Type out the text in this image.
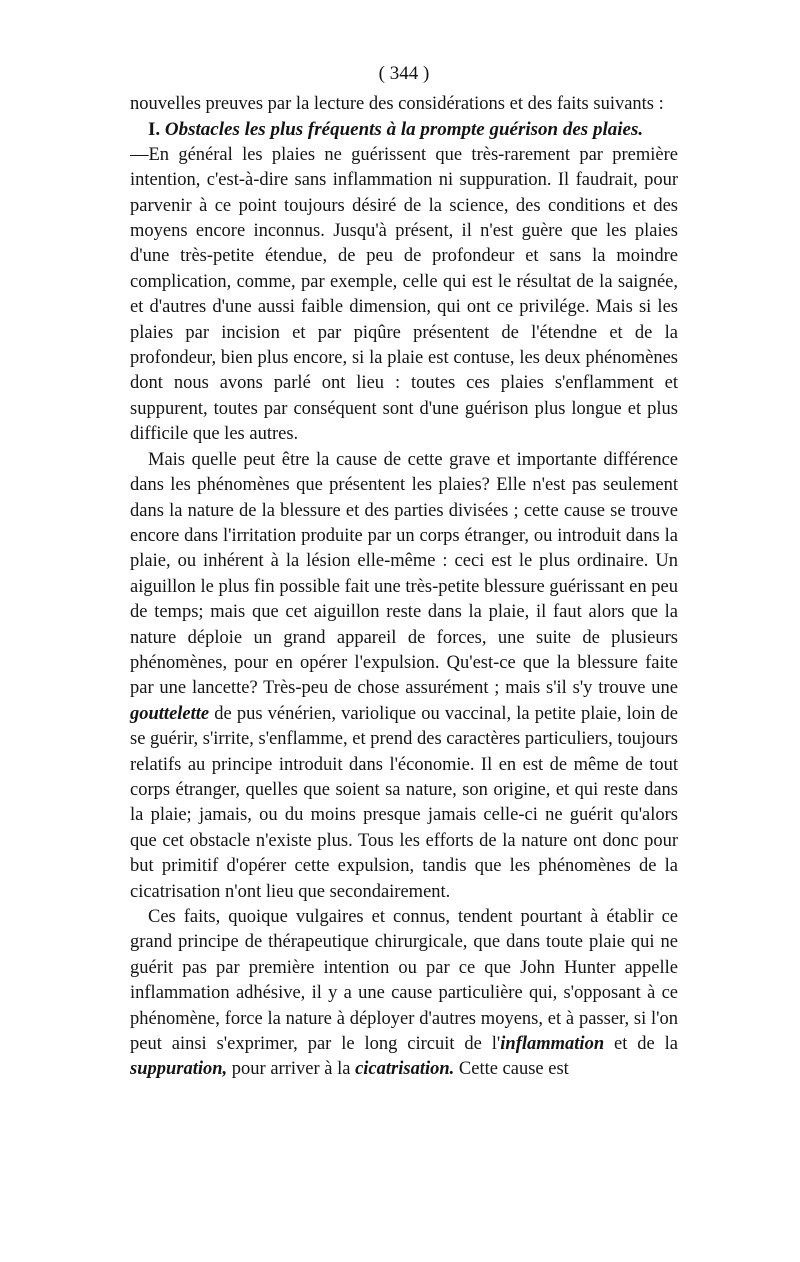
( 344 )

nouvelles preuves par la lecture des considérations et des faits suivants :

I. Obstacles les plus fréquents à la prompte guérison des plaies.

—En général les plaies ne guérissent que très-rarement par première intention, c'est-à-dire sans inflammation ni suppuration. Il faudrait, pour parvenir à ce point toujours désiré de la science, des conditions et des moyens encore inconnus. Jusqu'à présent, il n'est guère que les plaies d'une très-petite étendue, de peu de profondeur et sans la moindre complication, comme, par exemple, celle qui est le résultat de la saignée, et d'autres d'une aussi faible dimension, qui ont ce privilége. Mais si les plaies par incision et par piqûre présentent de l'étendne et de la profondeur, bien plus encore, si la plaie est contuse, les deux phénomènes dont nous avons parlé ont lieu : toutes ces plaies s'enflamment et suppurent, toutes par conséquent sont d'une guérison plus longue et plus difficile que les autres.

Mais quelle peut être la cause de cette grave et importante différence dans les phénomènes que présentent les plaies? Elle n'est pas seulement dans la nature de la blessure et des parties divisées ; cette cause se trouve encore dans l'irritation produite par un corps étranger, ou introduit dans la plaie, ou inhérent à la lésion elle-même : ceci est le plus ordinaire. Un aiguillon le plus fin possible fait une très-petite blessure guérissant en peu de temps; mais que cet aiguillon reste dans la plaie, il faut alors que la nature déploie un grand appareil de forces, une suite de plusieurs phénomènes, pour en opérer l'expulsion. Qu'est-ce que la blessure faite par une lancette? Très-peu de chose assurément ; mais s'il s'y trouve une gouttelette de pus vénérien, variolique ou vaccinal, la petite plaie, loin de se guérir, s'irrite, s'enflamme, et prend des caractères particuliers, toujours relatifs au principe introduit dans l'économie. Il en est de même de tout corps étranger, quelles que soient sa nature, son origine, et qui reste dans la plaie; jamais, ou du moins presque jamais celle-ci ne guérit qu'alors que cet obstacle n'existe plus. Tous les efforts de la nature ont donc pour but primitif d'opérer cette expulsion, tandis que les phénomènes de la cicatrisation n'ont lieu que secondairement.

Ces faits, quoique vulgaires et connus, tendent pourtant à établir ce grand principe de thérapeutique chirurgicale, que dans toute plaie qui ne guérit pas par première intention ou par ce que John Hunter appelle inflammation adhésive, il y a une cause particulière qui, s'opposant à ce phénomène, force la nature à déployer d'autres moyens, et à passer, si l'on peut ainsi s'exprimer, par le long circuit de l'inflammation et de la suppuration, pour arriver à la cicatrisation. Cette cause est
